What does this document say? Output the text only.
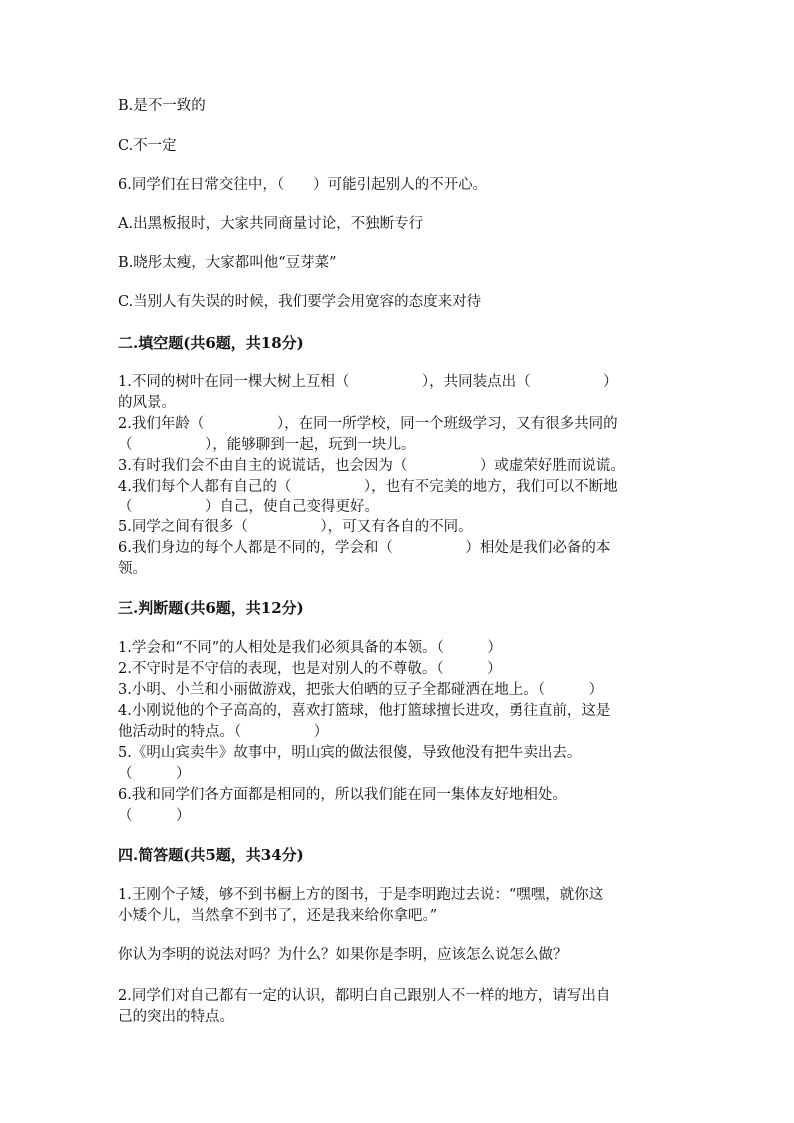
B.是不一致的
C.不一定
6.同学们在日常交往中，（　　）可能引起别人的不开心。
A.出黑板报时，大家共同商量讨论，不独断专行
B.晓彤太瘦，大家都叫他“豆芽菜”
C.当别人有失误的时候，我们要学会用宽容的态度来对待
二.填空题(共6题，共18分)
1.不同的树叶在同一棵大树上互相（　　　　　），共同装点出（　　　　　）
的风景。
2.我们年龄（　　　　　），在同一所学校，同一个班级学习，又有很多共同的
（　　　　　），能够聊到一起，玩到一块儿。
3.有时我们会不由自主的说谎话，也会因为（　　　　　）或虚荣好胜而说谎。
4.我们每个人都有自己的（　　　　　），也有不完美的地方，我们可以不断地
（　　　　　）自己，使自己变得更好。
5.同学之间有很多（　　　　　），可又有各自的不同。
6.我们身边的每个人都是不同的，学会和（　　　　　）相处是我们必备的本
领。
三.判断题(共6题，共12分)
1.学会和“不同”的人相处是我们必须具备的本领。（　　　）
2.不守时是不守信的表现，也是对别人的不尊敬。（　　　）
3.小明、小兰和小丽做游戏，把张大伯晒的豆子全都碰洒在地上。（　　　）
4.小刚说他的个子高高的，喜欢打篮球，他打篮球擅长进攻，勇往直前，这是
他活动时的特点。（　　　　　）
5.《明山宾卖牛》故事中，明山宾的做法很傻，导致他没有把牛卖出去。
（　　　）
6.我和同学们各方面都是相同的，所以我们能在同一集体友好地相处。
（　　　）
四.简答题(共5题，共34分)
1.王刚个子矮，够不到书橱上方的图书，于是李明跑过去说：“嘿嘿，就你这
小矮个儿，当然拿不到书了，还是我来给你拿吧。”
你认为李明的说法对吗？为什么？如果你是李明，应该怎么说怎么做？
2.同学们对自己都有一定的认识，都明白自己跟别人不一样的地方，请写出自
己的突出的特点。
